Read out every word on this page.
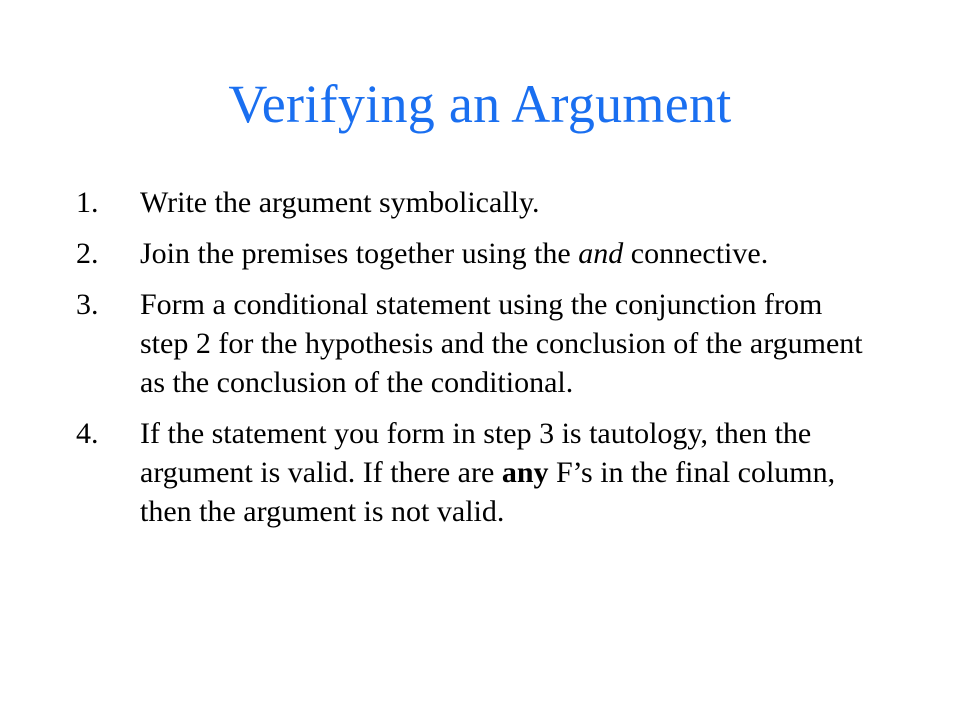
Verifying an Argument
1. Write the argument symbolically.
2. Join the premises together using the and connective.
3. Form a conditional statement using the conjunction from step 2 for the hypothesis and the conclusion of the argument as the conclusion of the conditional.
4. If the statement you form in step 3 is tautology, then the argument is valid. If there are any F’s in the final column, then the argument is not valid.
